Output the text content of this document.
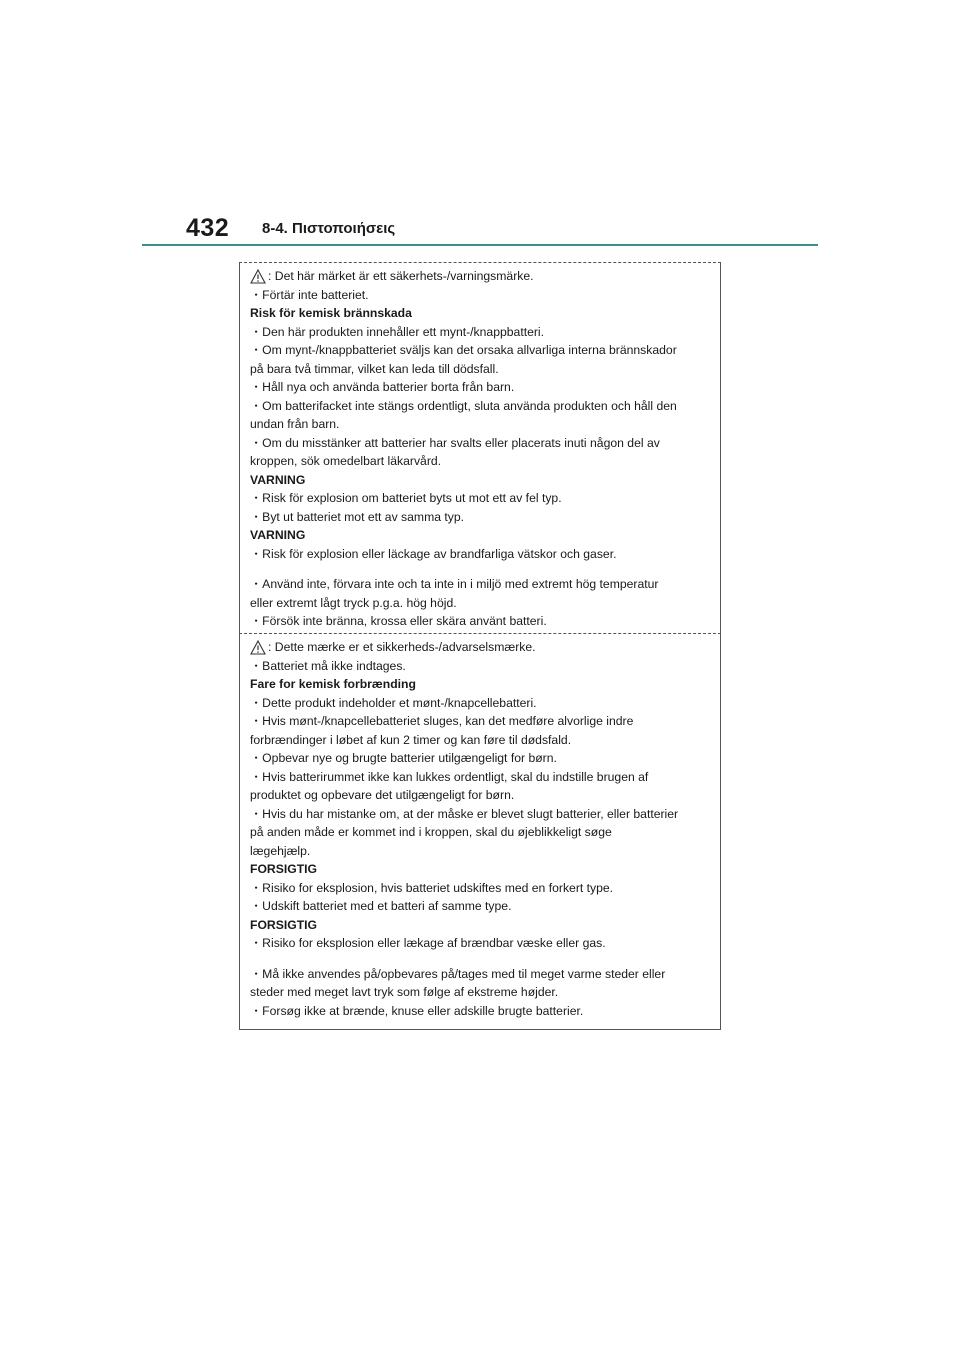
432 8-4. Πιστοποιήσεις
: Det här märket är ett säkerhets-/varningsmärke.
・Förtär inte batteriet.
Risk för kemisk brännskada
・Den här produkten innehåller ett mynt-/knappbatteri.
・Om mynt-/knappbatteriet sväljs kan det orsaka allvarliga interna brännskador
på bara två timmar, vilket kan leda till dödsfall.
・Håll nya och använda batterier borta från barn.
・Om batterifacket inte stängs ordentligt, sluta använda produkten och håll den
undan från barn.
・Om du misstänker att batterier har svalts eller placerats inuti någon del av
kroppen, sök omedelbart läkarvård.
VARNING
・Risk för explosion om batteriet byts ut mot ett av fel typ.
・Byt ut batteriet mot ett av samma typ.
VARNING
・Risk för explosion eller läckage av brandfarliga vätskor och gaser.
・Använd inte, förvara inte och ta inte in i miljö med extremt hög temperatur
eller extremt lågt tryck p.g.a. hög höjd.
・Försök inte bränna, krossa eller skära använt batteri.
: Dette mærke er et sikkerheds-/advarselsmærke.
・Batteriet må ikke indtages.
Fare for kemisk forbrænding
・Dette produkt indeholder et mønt-/knapcellebatteri.
・Hvis mønt-/knapcellebatteriet sluges, kan det medføre alvorlige indre
forbrændinger i løbet af kun 2 timer og kan føre til dødsfald.
・Opbevar nye og brugte batterier utilgængeligt for børn.
・Hvis batterirummet ikke kan lukkes ordentligt, skal du indstille brugen af
produktet og opbevare det utilgængeligt for børn.
・Hvis du har mistanke om, at der måske er blevet slugt batterier, eller batterier
på anden måde er kommet ind i kroppen, skal du øjeblikkeligt søge
lægehjælp.
FORSIGTIG
・Risiko for eksplosion, hvis batteriet udskiftes med en forkert type.
・Udskift batteriet med et batteri af samme type.
FORSIGTIG
・Risiko for eksplosion eller lækage af brændbar væske eller gas.
・Må ikke anvendes på/opbevares på/tages med til meget varme steder eller
steder med meget lavt tryk som følge af ekstreme højder.
・Forsøg ikke at brænde, knuse eller adskille brugte batterier.
